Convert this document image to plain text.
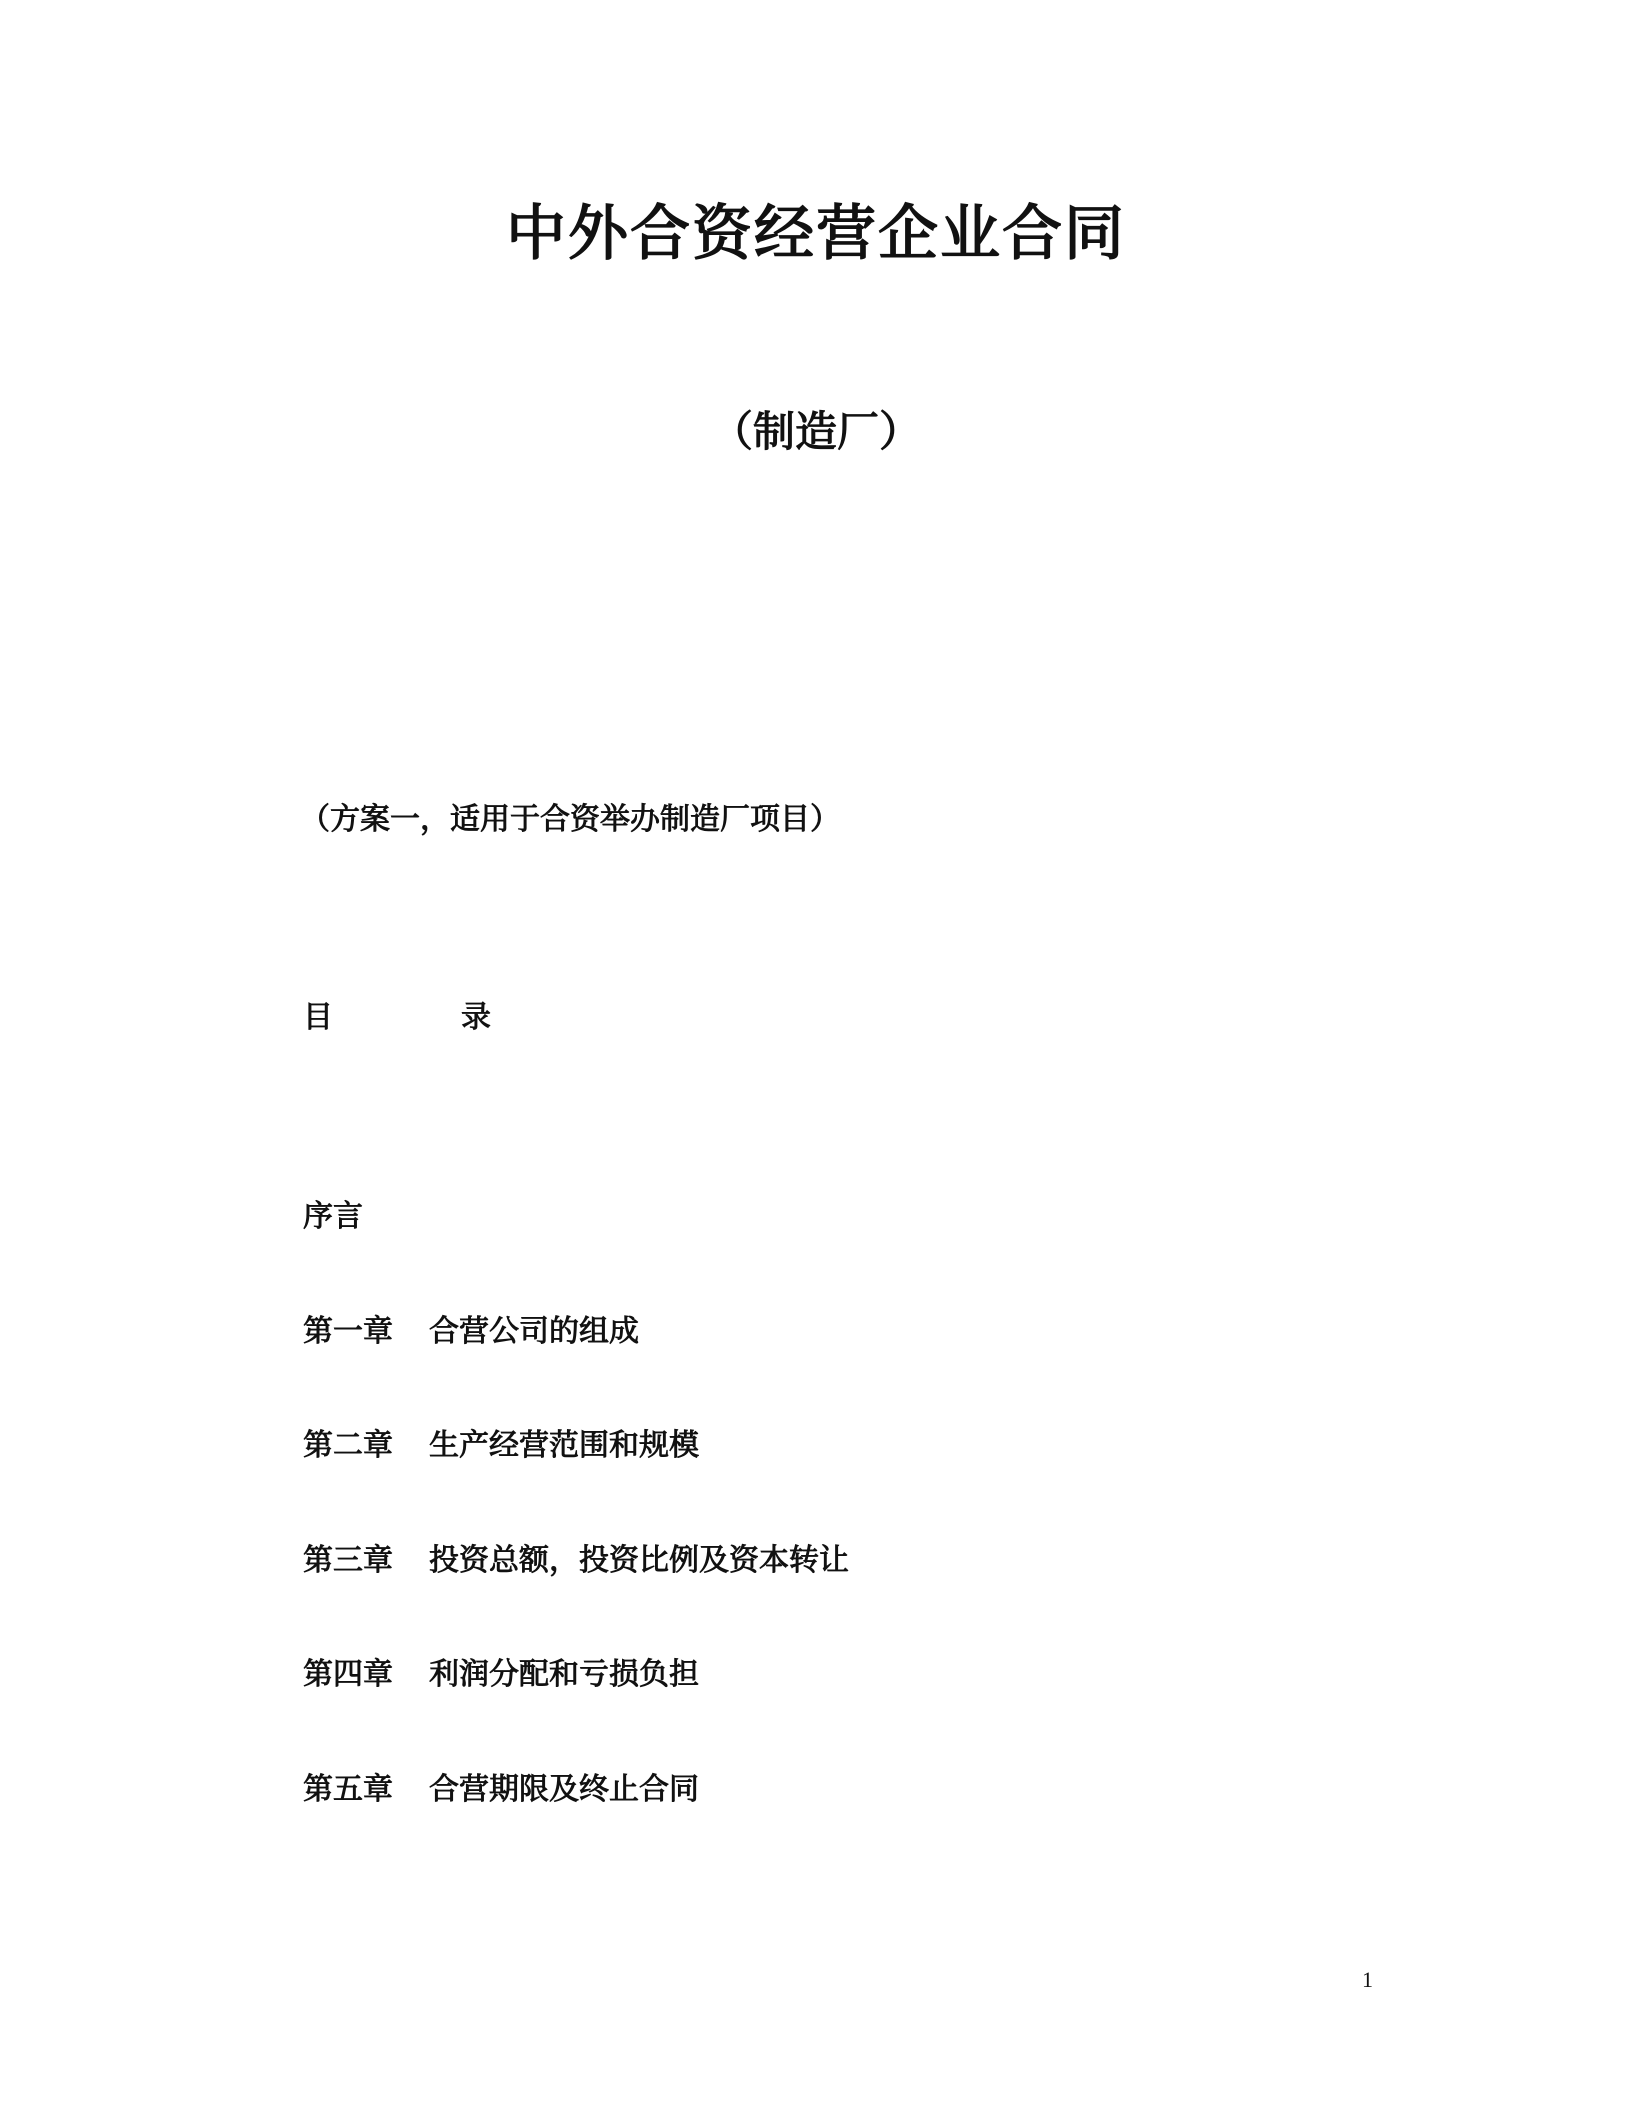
中外合资经营企业合同
（制造厂）
（方案一，适用于合资举办制造厂项目）
目	录
序言
第一章 合营公司的组成
第二章 生产经营范围和规模
第三章 投资总额，投资比例及资本转让
第四章 利润分配和亏损负担
第五章 合营期限及终止合同
1
